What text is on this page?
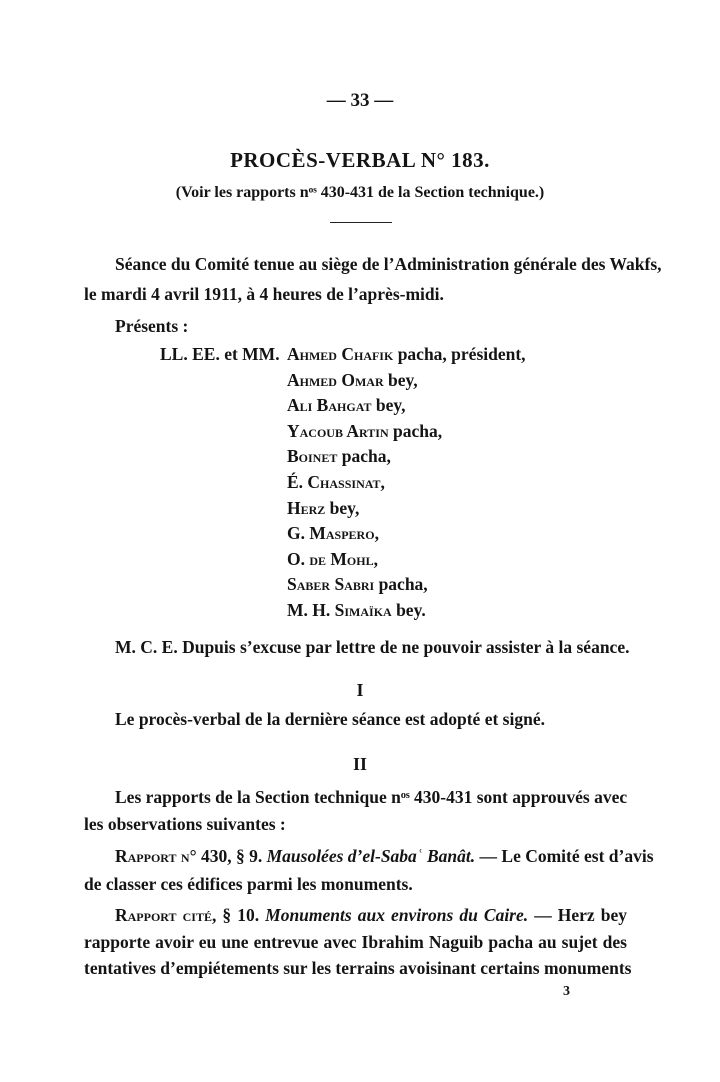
— 33 —
PROCÈS-VERBAL N° 183.
(Voir les rapports nᵒˢ 430-431 de la Section technique.)
Séance du Comité tenue au siège de l’Administration générale des Wakfs,
le mardi 4 avril 1911, à 4 heures de l’après-midi.
Présents :
LL. EE. et MM. Ahmed Chafik pacha, président,
Ahmed Omar bey,
Ali Bahgat bey,
Yacoub Artin pacha,
Boinet pacha,
É. Chassinat,
Herz bey,
G. Maspero,
O. de Mohl,
Saber Sabri pacha,
M. H. Simaïka bey.
M. C. E. Dupuis s’excuse par lettre de ne pouvoir assister à la séance.
I
Le procès-verbal de la dernière séance est adopté et signé.
II
Les rapports de la Section technique nᵒˢ 430-431 sont approuvés avec
les observations suivantes :
Rapport n° 430, § 9. Mausolées d’el-Sabaʿ Banât. — Le Comité est d’avis
de classer ces édifices parmi les monuments.
Rapport cité, § 10. Monuments aux environs du Caire. — Herz bey
rapporte avoir eu une entrevue avec Ibrahim Naguib pacha au sujet des
tentatives d’empiétements sur les terrains avoisinant certains monuments
3
